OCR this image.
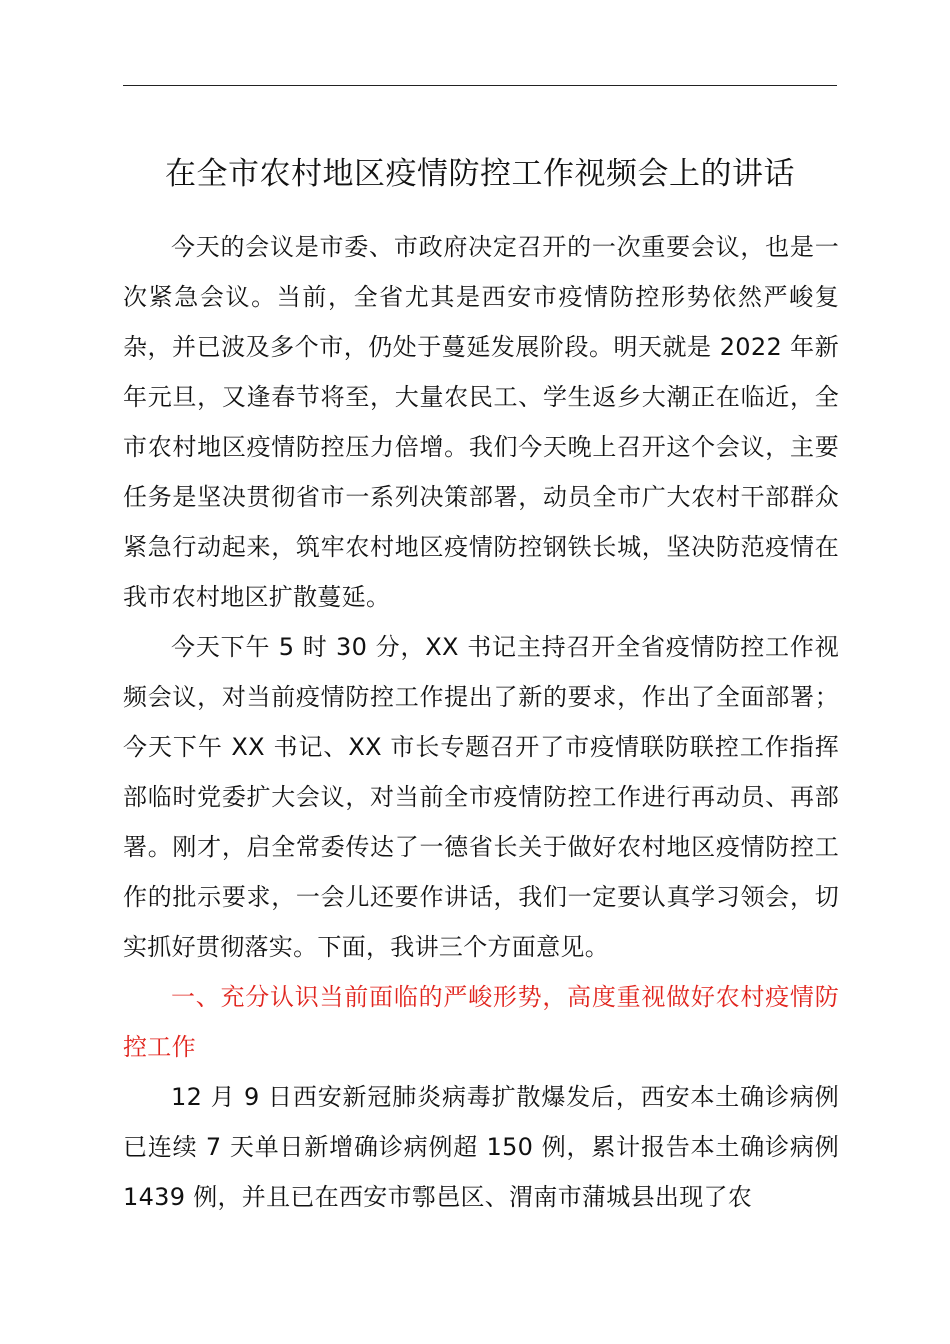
在全市农村地区疫情防控工作视频会上的讲话

今天的会议是市委、市政府决定召开的一次重要会议，也是一次紧急会议。当前，全省尤其是西安市疫情防控形势依然严峻复杂，并已波及多个市，仍处于蔓延发展阶段。明天就是 2022 年新年元旦，又逢春节将至，大量农民工、学生返乡大潮正在临近，全市农村地区疫情防控压力倍增。我们今天晚上召开这个会议，主要任务是坚决贯彻省市一系列决策部署，动员全市广大农村干部群众紧急行动起来，筑牢农村地区疫情防控钢铁长城，坚决防范疫情在我市农村地区扩散蔓延。

今天下午 5 时 30 分，XX 书记主持召开全省疫情防控工作视频会议，对当前疫情防控工作提出了新的要求，作出了全面部署；今天下午 XX 书记、XX 市长专题召开了市疫情联防联控工作指挥部临时党委扩大会议，对当前全市疫情防控工作进行再动员、再部署。刚才，启全常委传达了一德省长关于做好农村地区疫情防控工作的批示要求，一会儿还要作讲话，我们一定要认真学习领会，切实抓好贯彻落实。下面，我讲三个方面意见。

一、充分认识当前面临的严峻形势，高度重视做好农村疫情防控工作

12 月 9 日西安新冠肺炎病毒扩散爆发后，西安本土确诊病例已连续 7 天单日新增确诊病例超 150 例，累计报告本土确诊病例 1439 例，并且已在西安市鄠邑区、渭南市蒲城县出现了农
